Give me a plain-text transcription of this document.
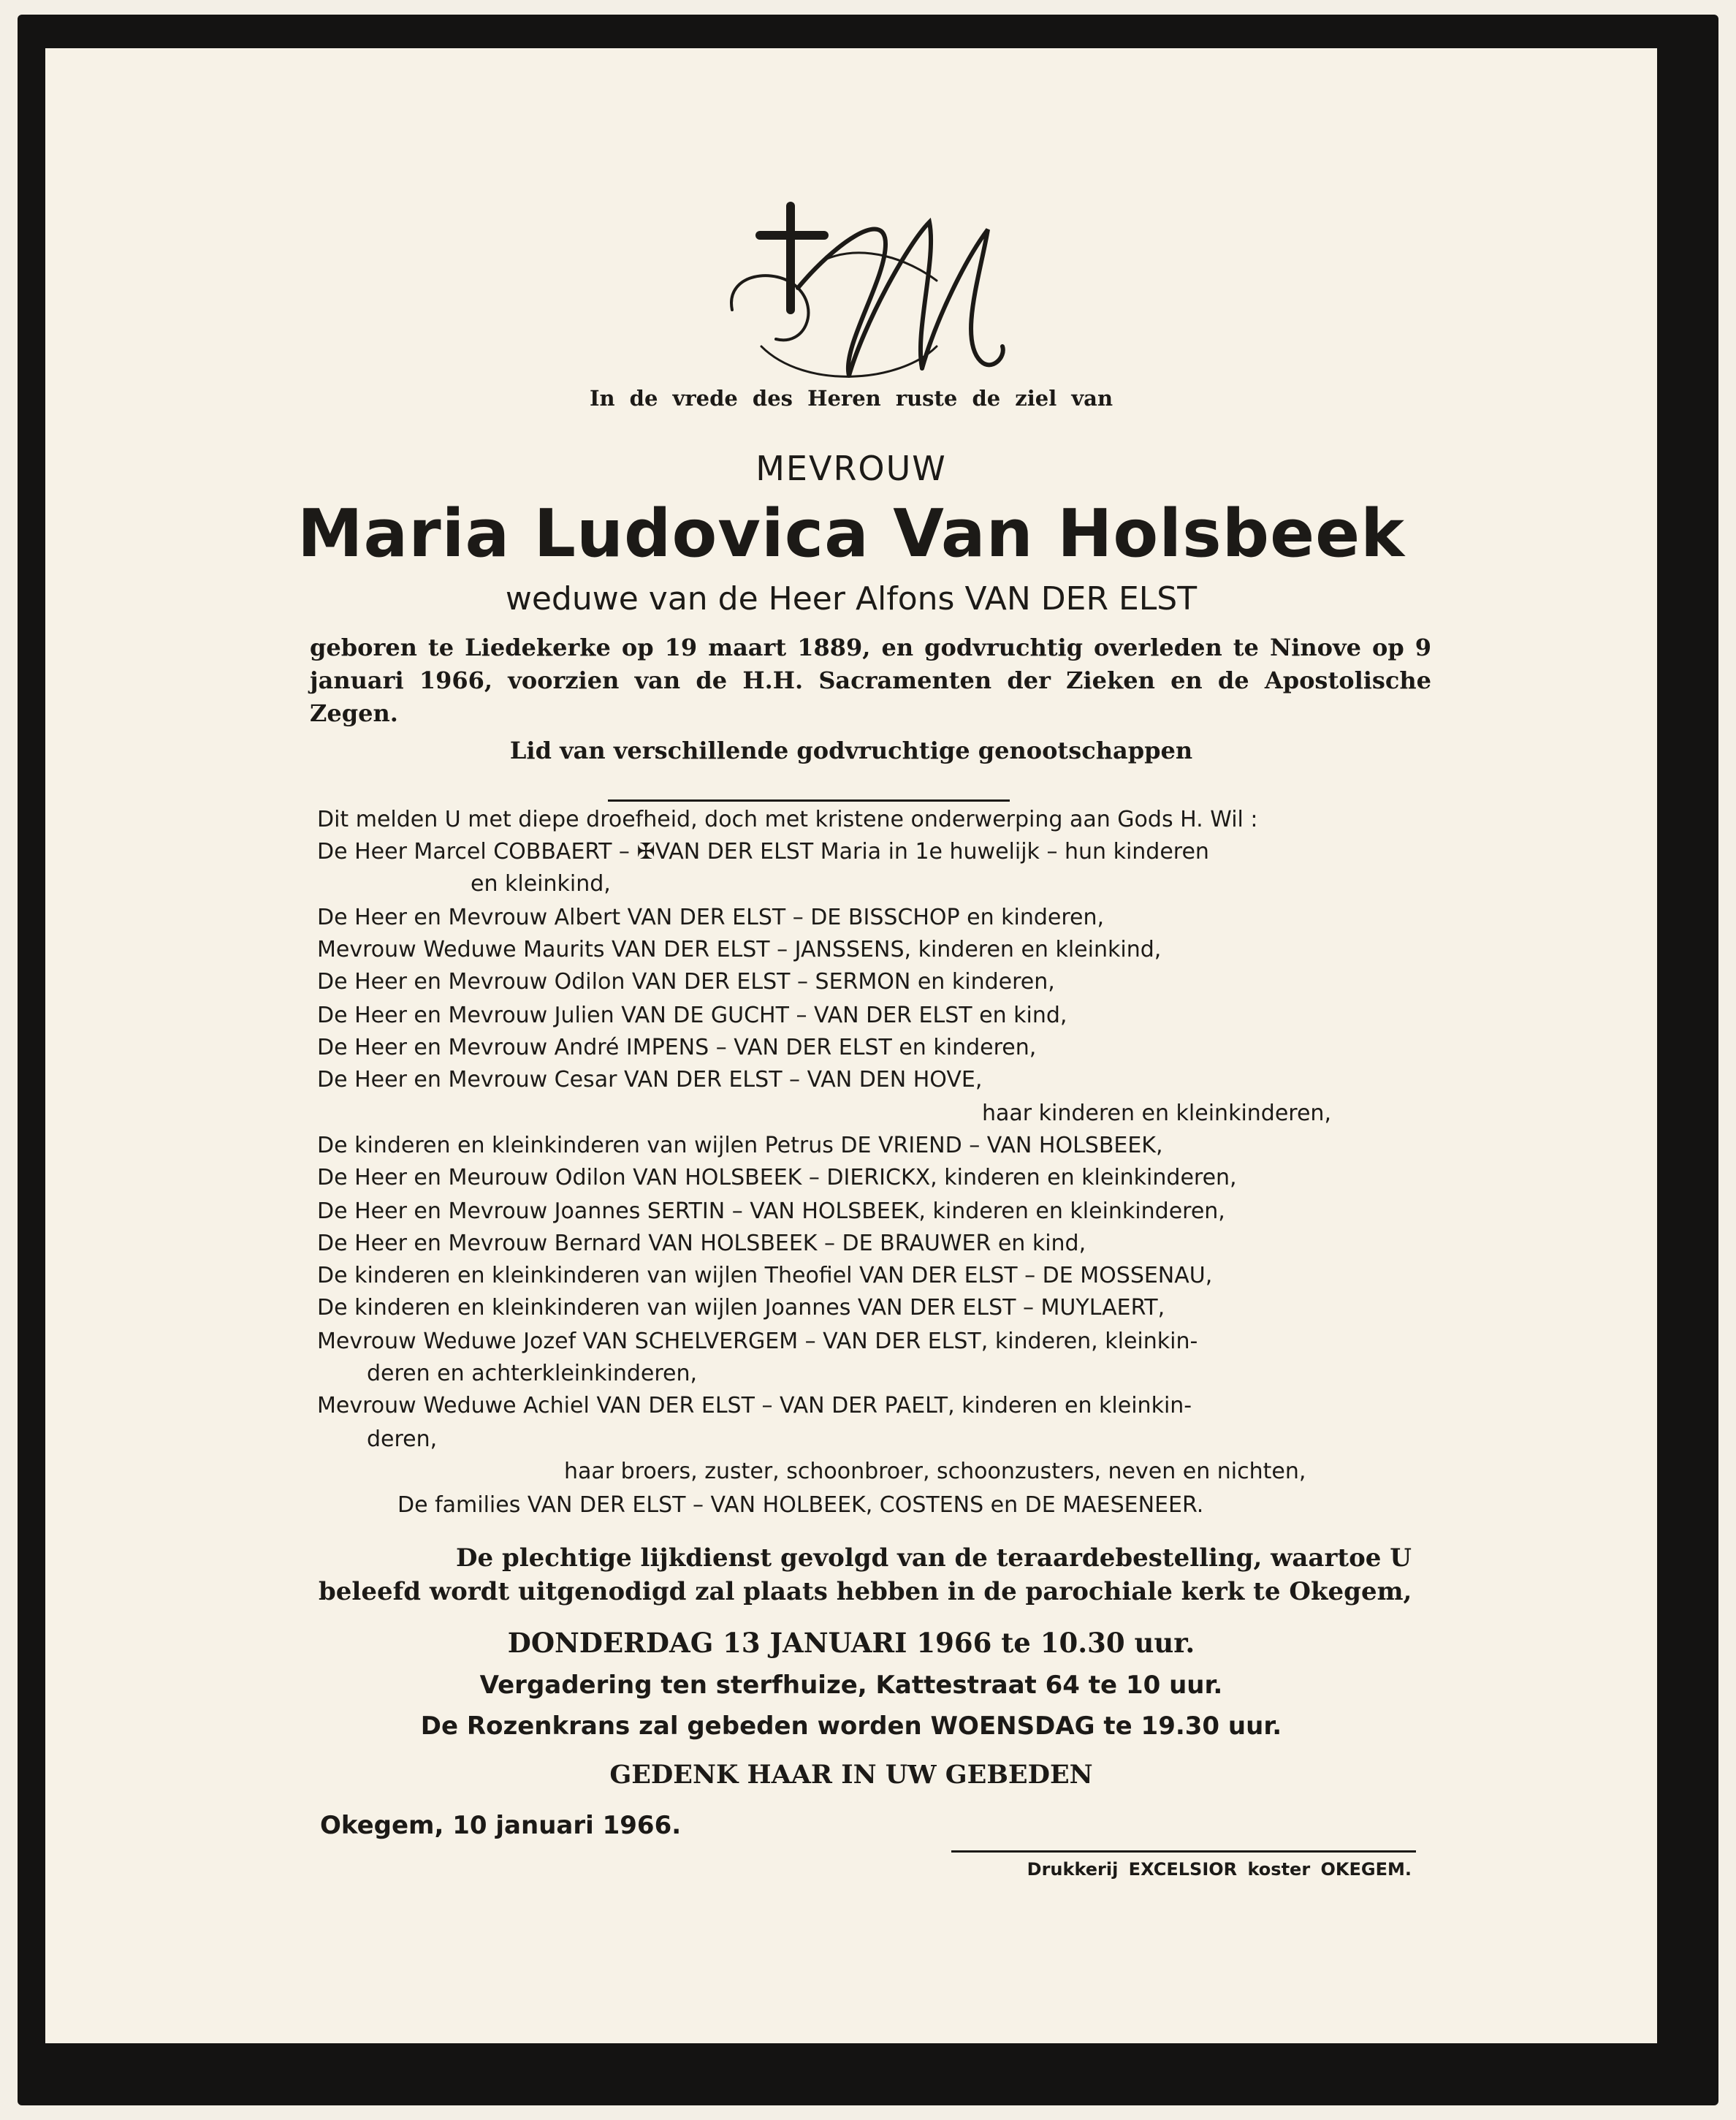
In de vrede des Heren ruste de ziel van
MEVROUW
Maria Ludovica Van Holsbeek
weduwe van de Heer Alfons VAN DER ELST
geboren te Liedekerke op 19 maart 1889, en godvruchtig overleden te Ninove op 9 januari 1966, voorzien van de H.H. Sacramenten der Zieken en de Apostolische Zegen.
Lid van verschillende godvruchtige genootschappen

Dit melden U met diepe droefheid, doch met kristene onderwerping aan Gods H. Wil :

De Heer Marcel COBBAERT – ✠VAN DER ELST Maria in 1e huwelijk – hun kinderen

en kleinkind,

De Heer en Mevrouw Albert VAN DER ELST – DE BISSCHOP en kinderen,

Mevrouw Weduwe Maurits VAN DER ELST – JANSSENS, kinderen en kleinkind,

De Heer en Mevrouw Odilon VAN DER ELST – SERMON en kinderen,

De Heer en Mevrouw Julien VAN DE GUCHT – VAN DER ELST en kind,

De Heer en Mevrouw André IMPENS – VAN DER ELST en kinderen,

De Heer en Mevrouw Cesar VAN DER ELST – VAN DEN HOVE,

haar kinderen en kleinkinderen,

De kinderen en kleinkinderen van wijlen Petrus DE VRIEND – VAN HOLSBEEK,

De Heer en Meurouw Odilon VAN HOLSBEEK – DIERICKX, kinderen en kleinkinderen,

De Heer en Mevrouw Joannes SERTIN – VAN HOLSBEEK, kinderen en kleinkinderen,

De Heer en Mevrouw Bernard VAN HOLSBEEK – DE BRAUWER en kind,

De kinderen en kleinkinderen van wijlen Theofiel VAN DER ELST – DE MOSSENAU,

De kinderen en kleinkinderen van wijlen Joannes VAN DER ELST – MUYLAERT,

Mevrouw Weduwe Jozef VAN SCHELVERGEM – VAN DER ELST, kinderen, kleinkin-

deren en achterkleinkinderen,

Mevrouw Weduwe Achiel VAN DER ELST – VAN DER PAELT, kinderen en kleinkin-

deren,

haar broers, zuster, schoonbroer, schoonzusters, neven en nichten,

De families VAN DER ELST – VAN HOLBEEK, COSTENS en DE MAESENEER.

De plechtige lijkdienst gevolgd van de teraardebestelling, waartoe U
beleefd wordt uitgenodigd zal plaats hebben in de parochiale kerk te Okegem,
DONDERDAG 13 JANUARI 1966 te 10.30 uur.
Vergadering ten sterfhuize, Kattestraat 64 te 10 uur.
De Rozenkrans zal gebeden worden WOENSDAG te 19.30 uur.
GEDENK HAAR IN UW GEBEDEN
Okegem, 10 januari 1966.
Drukkerij EXCELSIOR koster OKEGEM.
